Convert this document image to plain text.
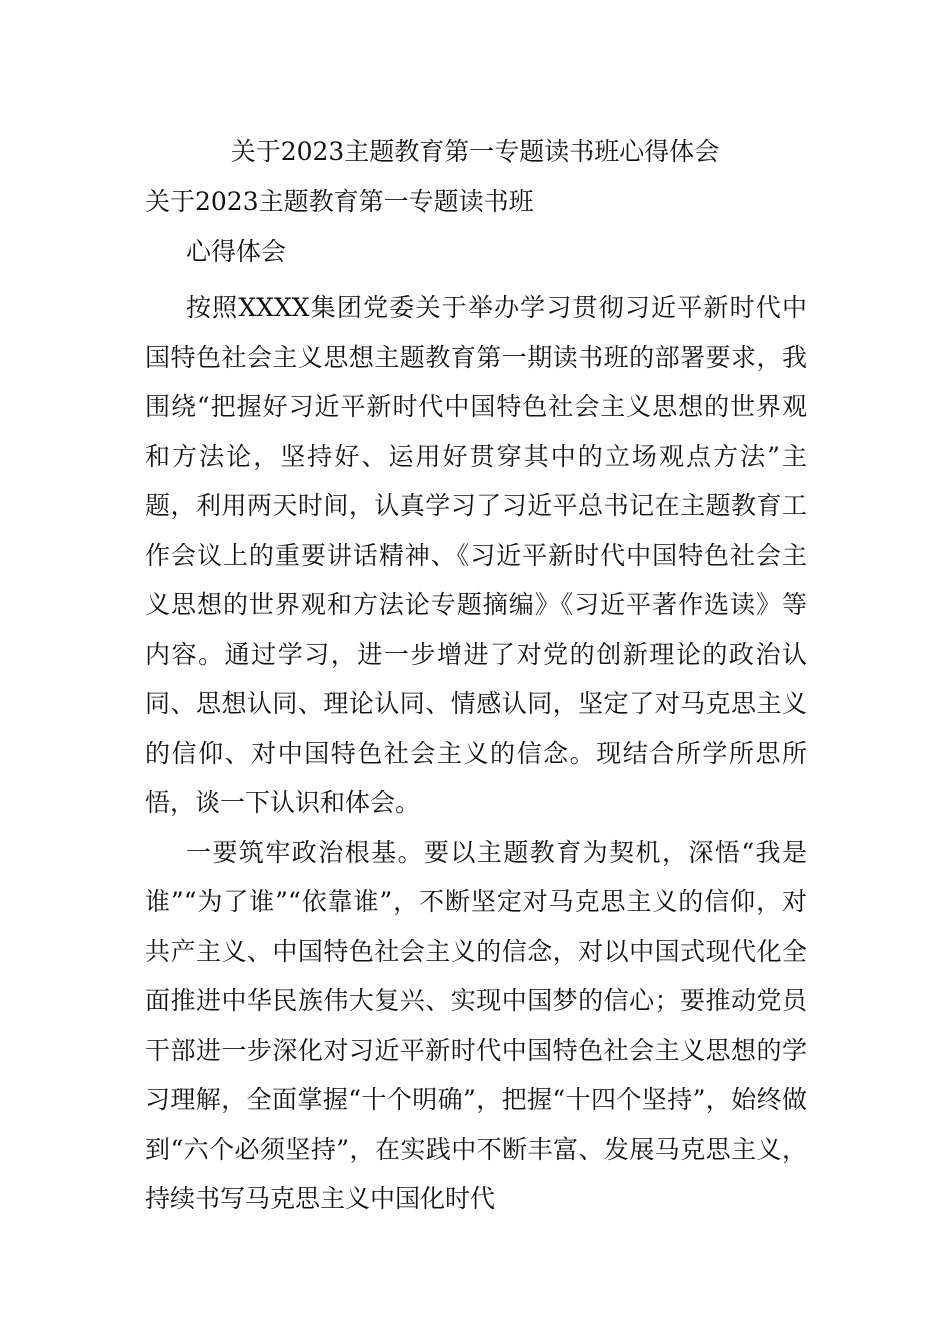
关于2023主题教育第一专题读书班心得体会
关于2023主题教育第一专题读书班
心得体会

按照XXXX集团党委关于举办学习贯彻习近平新时代中国特色社会主义思想主题教育第一期读书班的部署要求，我围绕“把握好习近平新时代中国特色社会主义思想的世界观和方法论，坚持好、运用好贯穿其中的立场观点方法”主题，利用两天时间，认真学习了习近平总书记在主题教育工作会议上的重要讲话精神、《习近平新时代中国特色社会主义思想的世界观和方法论专题摘编》《习近平著作选读》等内容。通过学习，进一步增进了对党的创新理论的政治认同、思想认同、理论认同、情感认同，坚定了对马克思主义的信仰、对中国特色社会主义的信念。现结合所学所思所悟，谈一下认识和体会。

一要筑牢政治根基。要以主题教育为契机，深悟“我是谁”“为了谁”“依靠谁”，不断坚定对马克思主义的信仰，对共产主义、中国特色社会主义的信念，对以中国式现代化全面推进中华民族伟大复兴、实现中国梦的信心；要推动党员干部进一步深化对习近平新时代中国特色社会主义思想的学习理解，全面掌握“十个明确”，把握“十四个坚持”，始终做到“六个必须坚持”，在实践中不断丰富、发展马克思主义，持续书写马克思主义中国化时代
